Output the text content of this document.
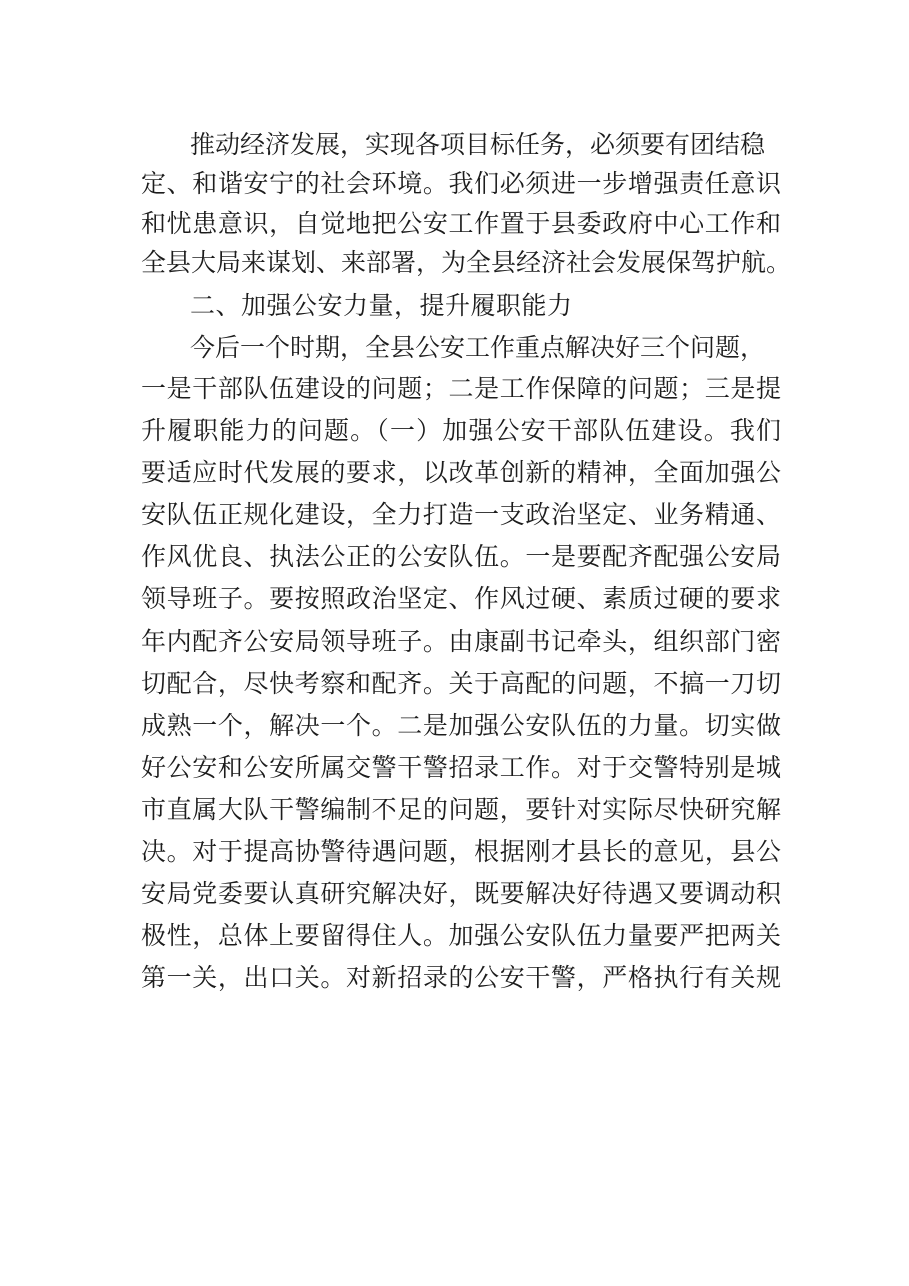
推动经济发展，实现各项目标任务，必须要有团结稳
定、和谐安宁的社会环境。我们必须进一步增强责任意识
和忧患意识，自觉地把公安工作置于县委政府中心工作和
全县大局来谋划、来部署，为全县经济社会发展保驾护航。
二、加强公安力量，提升履职能力
今后一个时期，全县公安工作重点解决好三个问题，
一是干部队伍建设的问题；二是工作保障的问题；三是提
升履职能力的问题。（一）加强公安干部队伍建设。我们
要适应时代发展的要求，以改革创新的精神，全面加强公
安队伍正规化建设，全力打造一支政治坚定、业务精通、
作风优良、执法公正的公安队伍。一是要配齐配强公安局
领导班子。要按照政治坚定、作风过硬、素质过硬的要求
年内配齐公安局领导班子。由康副书记牵头，组织部门密
切配合，尽快考察和配齐。关于高配的问题，不搞一刀切
成熟一个，解决一个。二是加强公安队伍的力量。切实做
好公安和公安所属交警干警招录工作。对于交警特别是城
市直属大队干警编制不足的问题，要针对实际尽快研究解
决。对于提高协警待遇问题，根据刚才县长的意见，县公
安局党委要认真研究解决好，既要解决好待遇又要调动积
极性，总体上要留得住人。加强公安队伍力量要严把两关
第一关，出口关。对新招录的公安干警，严格执行有关规
